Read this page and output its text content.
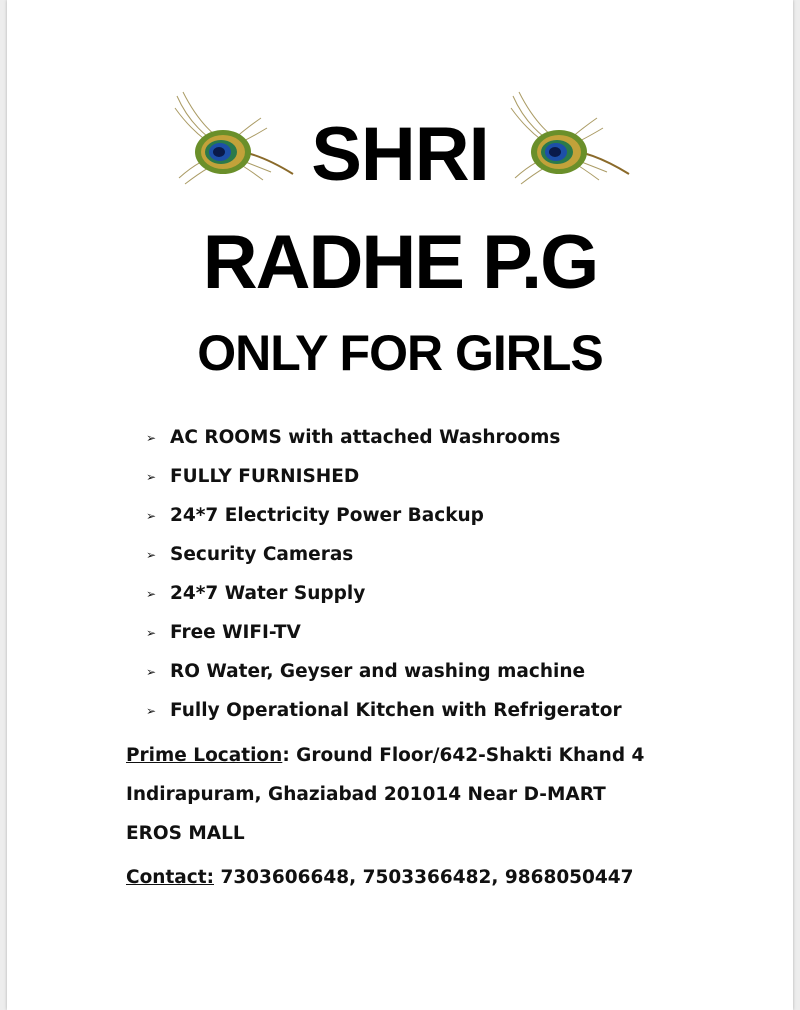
SHRI
RADHE P.G
ONLY FOR GIRLS
➢ AC ROOMS with attached Washrooms
➢ FULLY FURNISHED
➢ 24*7 Electricity Power Backup
➢ Security Cameras
➢ 24*7 Water Supply
➢ Free WIFI-TV
➢ RO Water, Geyser and washing machine
➢ Fully Operational Kitchen with Refrigerator

Prime Location: Ground Floor/642-Shakti Khand 4 Indirapuram, Ghaziabad 201014 Near D-MART EROS MALL

Contact: 7303606648, 7503366482, 9868050447
